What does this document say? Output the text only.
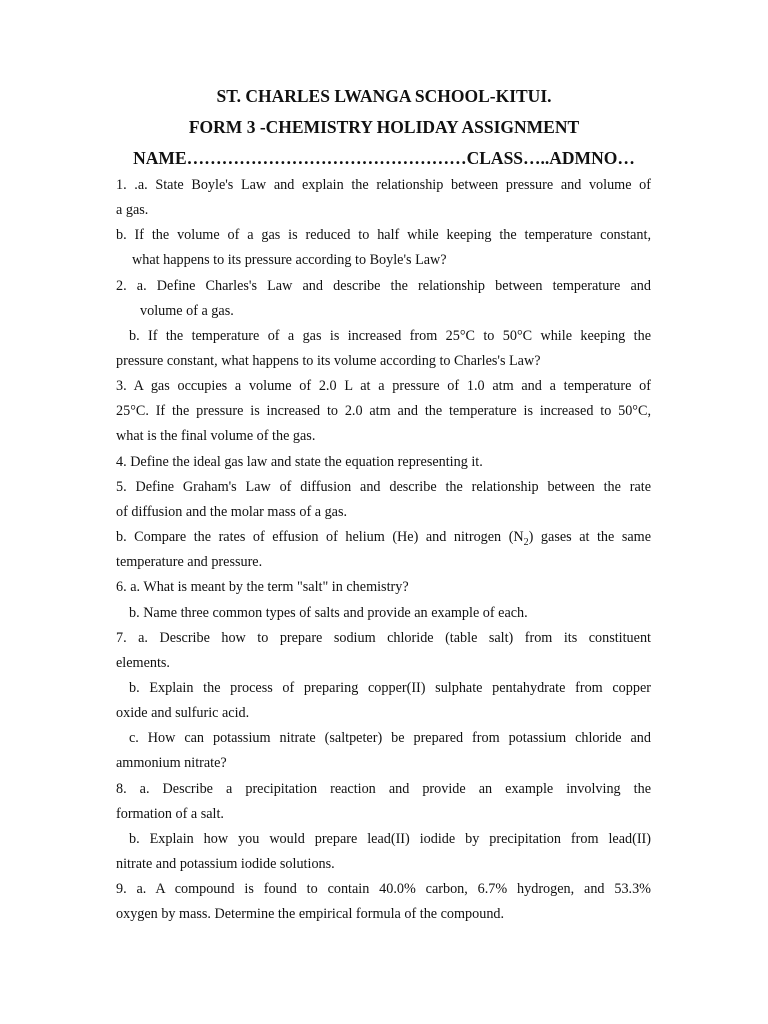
ST. CHARLES LWANGA SCHOOL-KITUI.
FORM 3 -CHEMISTRY HOLIDAY ASSIGNMENT
NAME…………………………………………CLASS…..ADMNO…
1. .a. State Boyle's Law and explain the relationship between pressure and volume of
a gas.
b. If the volume of a gas is reduced to half while keeping the temperature constant,
what happens to its pressure according to Boyle's Law?
2. a. Define Charles's Law and describe the relationship between temperature and
volume of a gas.
b. If the temperature of a gas is increased from 25°C to 50°C while keeping the
pressure constant, what happens to its volume according to Charles's Law?
3. A gas occupies a volume of 2.0 L at a pressure of 1.0 atm and a temperature of
25°C. If the pressure is increased to 2.0 atm and the temperature is increased to 50°C,
what is the final volume of the gas.
4. Define the ideal gas law and state the equation representing it.
5. Define Graham's Law of diffusion and describe the relationship between the rate
of diffusion and the molar mass of a gas.
b. Compare the rates of effusion of helium (He) and nitrogen $(N_2)$ gases at the same
temperature and pressure.
6. a. What is meant by the term "salt" in chemistry?
b. Name three common types of salts and provide an example of each.
7. a. Describe how to prepare sodium chloride (table salt) from its constituent
elements.
b. Explain the process of preparing copper(II) sulphate pentahydrate from copper
oxide and sulfuric acid.
c. How can potassium nitrate (saltpeter) be prepared from potassium chloride and
ammonium nitrate?
8. a. Describe a precipitation reaction and provide an example involving the
formation of a salt.
b. Explain how you would prepare lead(II) iodide by precipitation from lead(II)
nitrate and potassium iodide solutions.
9. a. A compound is found to contain 40.0% carbon, 6.7% hydrogen, and 53.3%
oxygen by mass. Determine the empirical formula of the compound.
